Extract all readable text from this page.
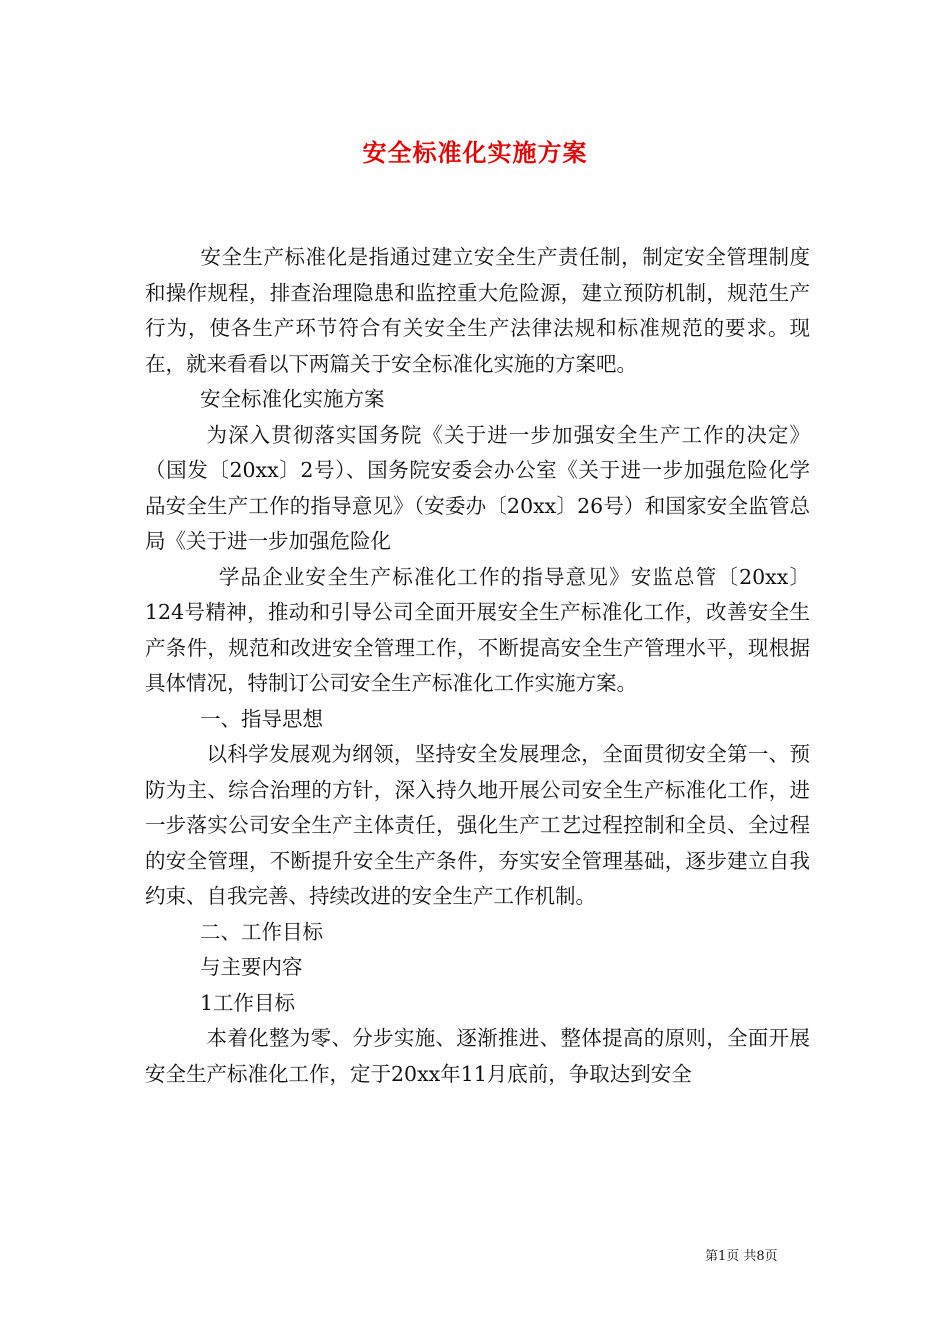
安全标准化实施方案

安全生产标准化是指通过建立安全生产责任制，制定安全管理制度和操作规程，排查治理隐患和监控重大危险源，建立预防机制，规范生产行为，使各生产环节符合有关安全生产法律法规和标准规范的要求。现在，就来看看以下两篇关于安全标准化实施的方案吧。

安全标准化实施方案

为深入贯彻落实国务院《关于进一步加强安全生产工作的决定》（国发〔20xx〕2号）、国务院安委会办公室《关于进一步加强危险化学品安全生产工作的指导意见》（安委办〔20xx〕26号）和国家安全监管总局《关于进一步加强危险化

学品企业安全生产标准化工作的指导意见》安监总管〔20xx〕124号精神，推动和引导公司全面开展安全生产标准化工作，改善安全生产条件，规范和改进安全管理工作，不断提高安全生产管理水平，现根据具体情况，特制订公司安全生产标准化工作实施方案。

一、指导思想

以科学发展观为纲领，坚持安全发展理念，全面贯彻安全第一、预防为主、综合治理的方针，深入持久地开展公司安全生产标准化工作，进一步落实公司安全生产主体责任，强化生产工艺过程控制和全员、全过程的安全管理，不断提升安全生产条件，夯实安全管理基础，逐步建立自我约束、自我完善、持续改进的安全生产工作机制。

二、工作目标

与主要内容

1工作目标

本着化整为零、分步实施、逐渐推进、整体提高的原则，全面开展安全生产标准化工作，定于20xx年11月底前，争取达到安全

第1页 共8页
